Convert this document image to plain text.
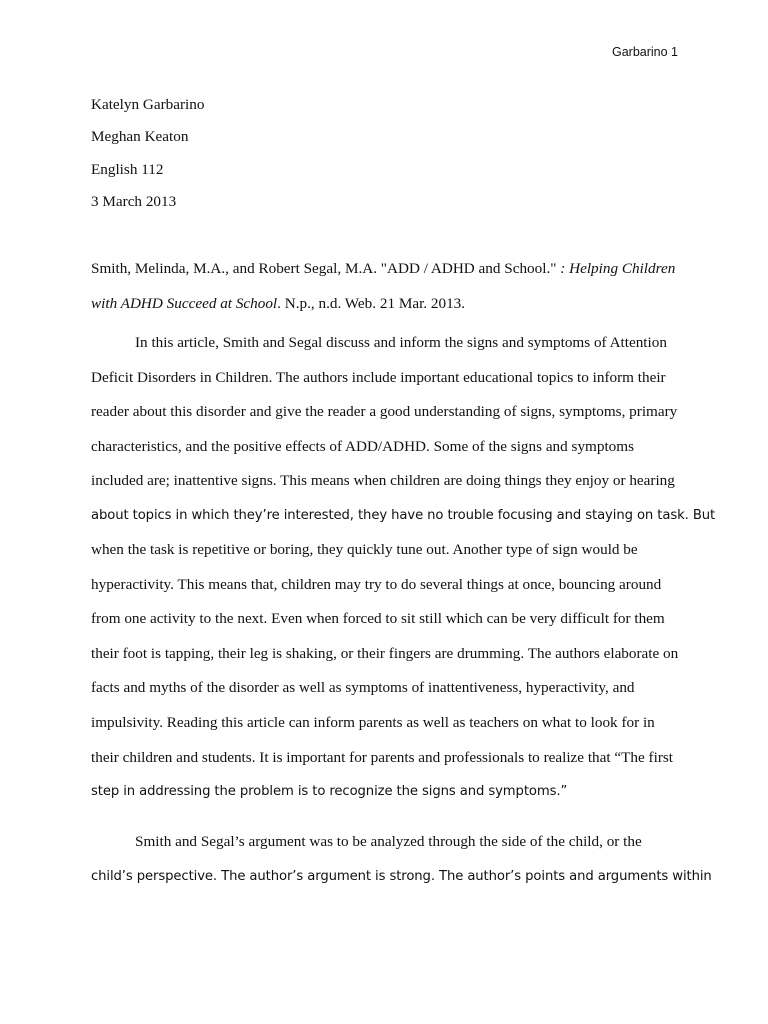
Garbarino 1
Katelyn Garbarino
Meghan Keaton
English 112
3 March 2013
Smith, Melinda, M.A., and Robert Segal, M.A. "ADD / ADHD and School." : Helping Children
with ADHD Succeed at School. N.p., n.d. Web. 21 Mar. 2013.
In this article, Smith and Segal discuss and inform the signs and symptoms of Attention
Deficit Disorders in Children. The authors include important educational topics to inform their
reader about this disorder and give the reader a good understanding of signs, symptoms, primary
characteristics, and the positive effects of ADD/ADHD. Some of the signs and symptoms
included are; inattentive signs. This means when children are doing things they enjoy or hearing
about topics in which they’re interested, they have no trouble focusing and staying on task. But
when the task is repetitive or boring, they quickly tune out. Another type of sign would be
hyperactivity. This means that, children may try to do several things at once, bouncing around
from one activity to the next. Even when forced to sit still which can be very difficult for them
their foot is tapping, their leg is shaking, or their fingers are drumming. The authors elaborate on
facts and myths of the disorder as well as symptoms of inattentiveness, hyperactivity, and
impulsivity. Reading this article can inform parents as well as teachers on what to look for in
their children and students. It is important for parents and professionals to realize that “The first
step in addressing the problem is to recognize the signs and symptoms.”
Smith and Segal’s argument was to be analyzed through the side of the child, or the
child’s perspective. The author’s argument is strong. The author’s points and arguments within
